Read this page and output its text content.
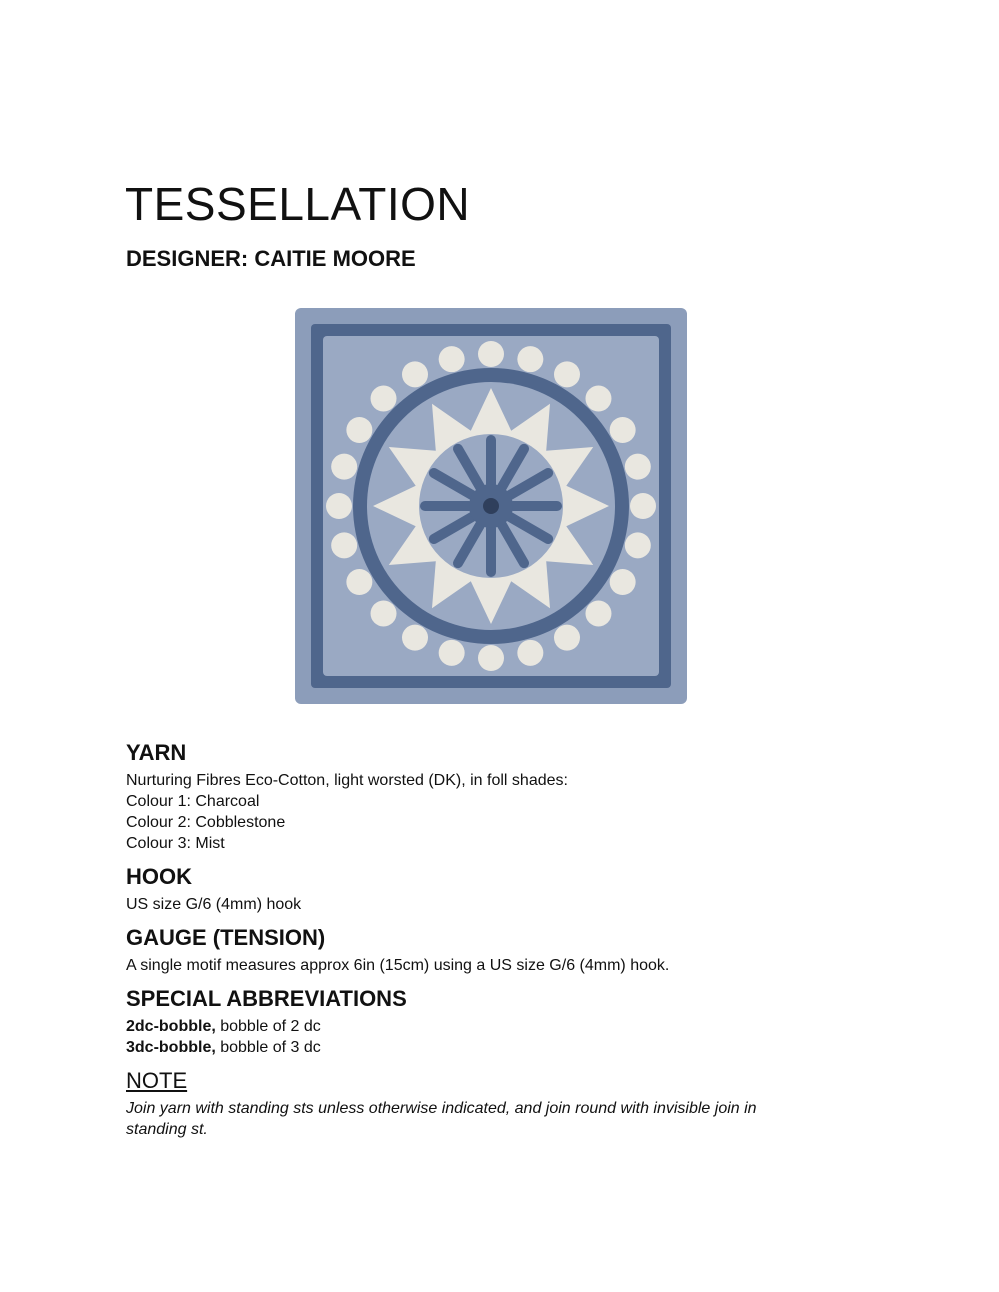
TESSELLATION
DESIGNER: CAITIE MOORE
YARN

Nurturing Fibres Eco-Cotton, light worsted (DK), in foll shades:

Colour 1: Charcoal

Colour 2: Cobblestone

Colour 3: Mist

HOOK

US size G/6 (4mm) hook

GAUGE (TENSION)

A single motif measures approx 6in (15cm) using a US size G/6 (4mm) hook.

SPECIAL ABBREVIATIONS

2dc-bobble, bobble of 2 dc

3dc-bobble, bobble of 3 dc

NOTE

Join yarn with standing sts unless otherwise indicated, and join round with invisible join in

standing st.
